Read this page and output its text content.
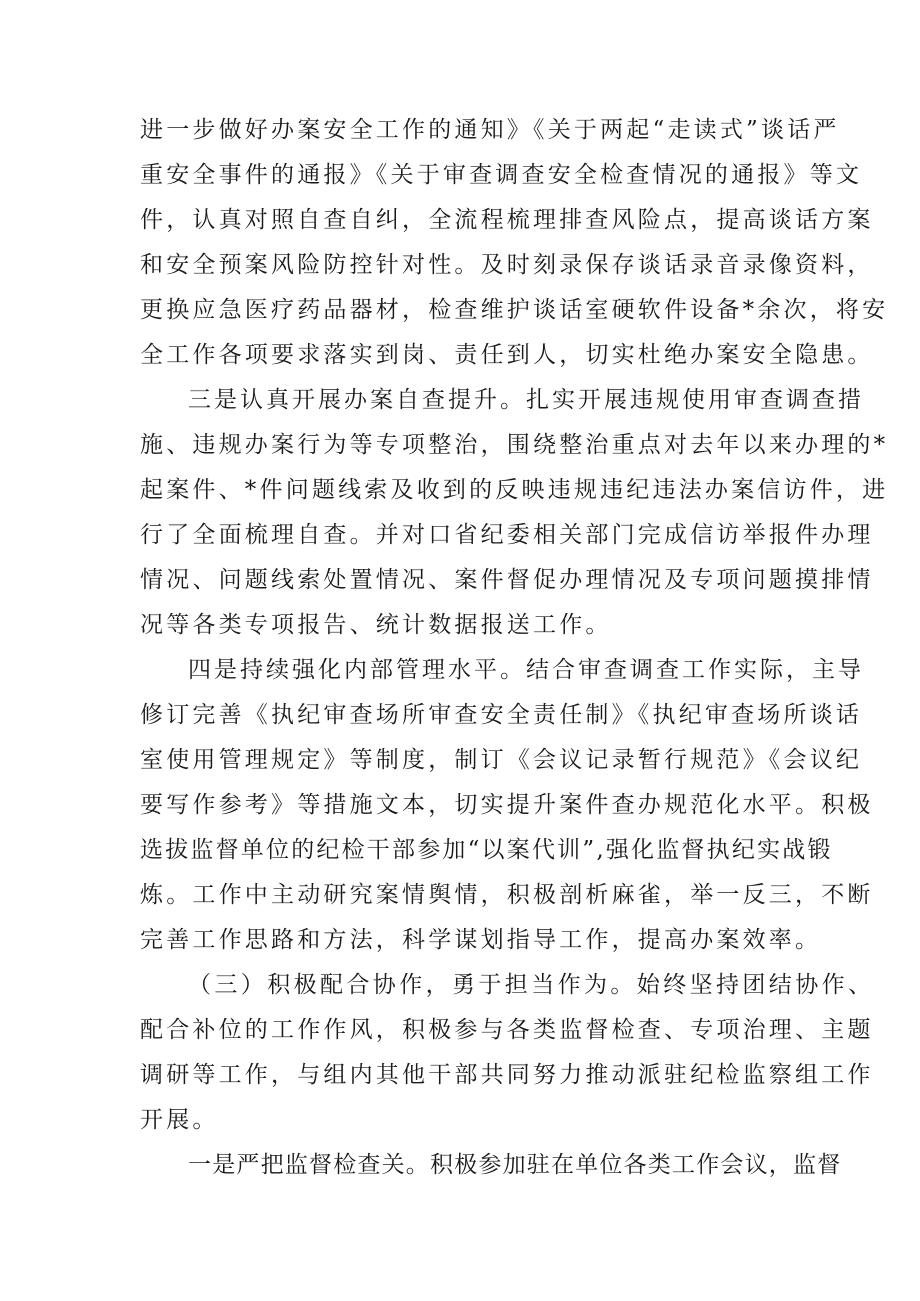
进一步做好办案安全工作的通知》《关于两起“走读式”谈话严
重安全事件的通报》《关于审查调查安全检查情况的通报》等文
件，认真对照自查自纠，全流程梳理排查风险点，提高谈话方案
和安全预案风险防控针对性。及时刻录保存谈话录音录像资料，
更换应急医疗药品器材，检查维护谈话室硬软件设备*余次，将安
全工作各项要求落实到岗、责任到人，切实杜绝办案安全隐患。
三是认真开展办案自查提升。扎实开展违规使用审查调查措
施、违规办案行为等专项整治，围绕整治重点对去年以来办理的*
起案件、*件问题线索及收到的反映违规违纪违法办案信访件，进
行了全面梳理自查。并对口省纪委相关部门完成信访举报件办理
情况、问题线索处置情况、案件督促办理情况及专项问题摸排情
况等各类专项报告、统计数据报送工作。
四是持续强化内部管理水平。结合审查调查工作实际，主导
修订完善《执纪审查场所审查安全责任制》《执纪审查场所谈话
室使用管理规定》等制度，制订《会议记录暂行规范》《会议纪
要写作参考》等措施文本，切实提升案件查办规范化水平。积极
选拔监督单位的纪检干部参加“以案代训”,强化监督执纪实战锻
炼。工作中主动研究案情舆情，积极剖析麻雀，举一反三，不断
完善工作思路和方法，科学谋划指导工作，提高办案效率。
（三）积极配合协作，勇于担当作为。始终坚持团结协作、
配合补位的工作作风，积极参与各类监督检查、专项治理、主题
调研等工作，与组内其他干部共同努力推动派驻纪检监察组工作
开展。
一是严把监督检查关。积极参加驻在单位各类工作会议，监督
